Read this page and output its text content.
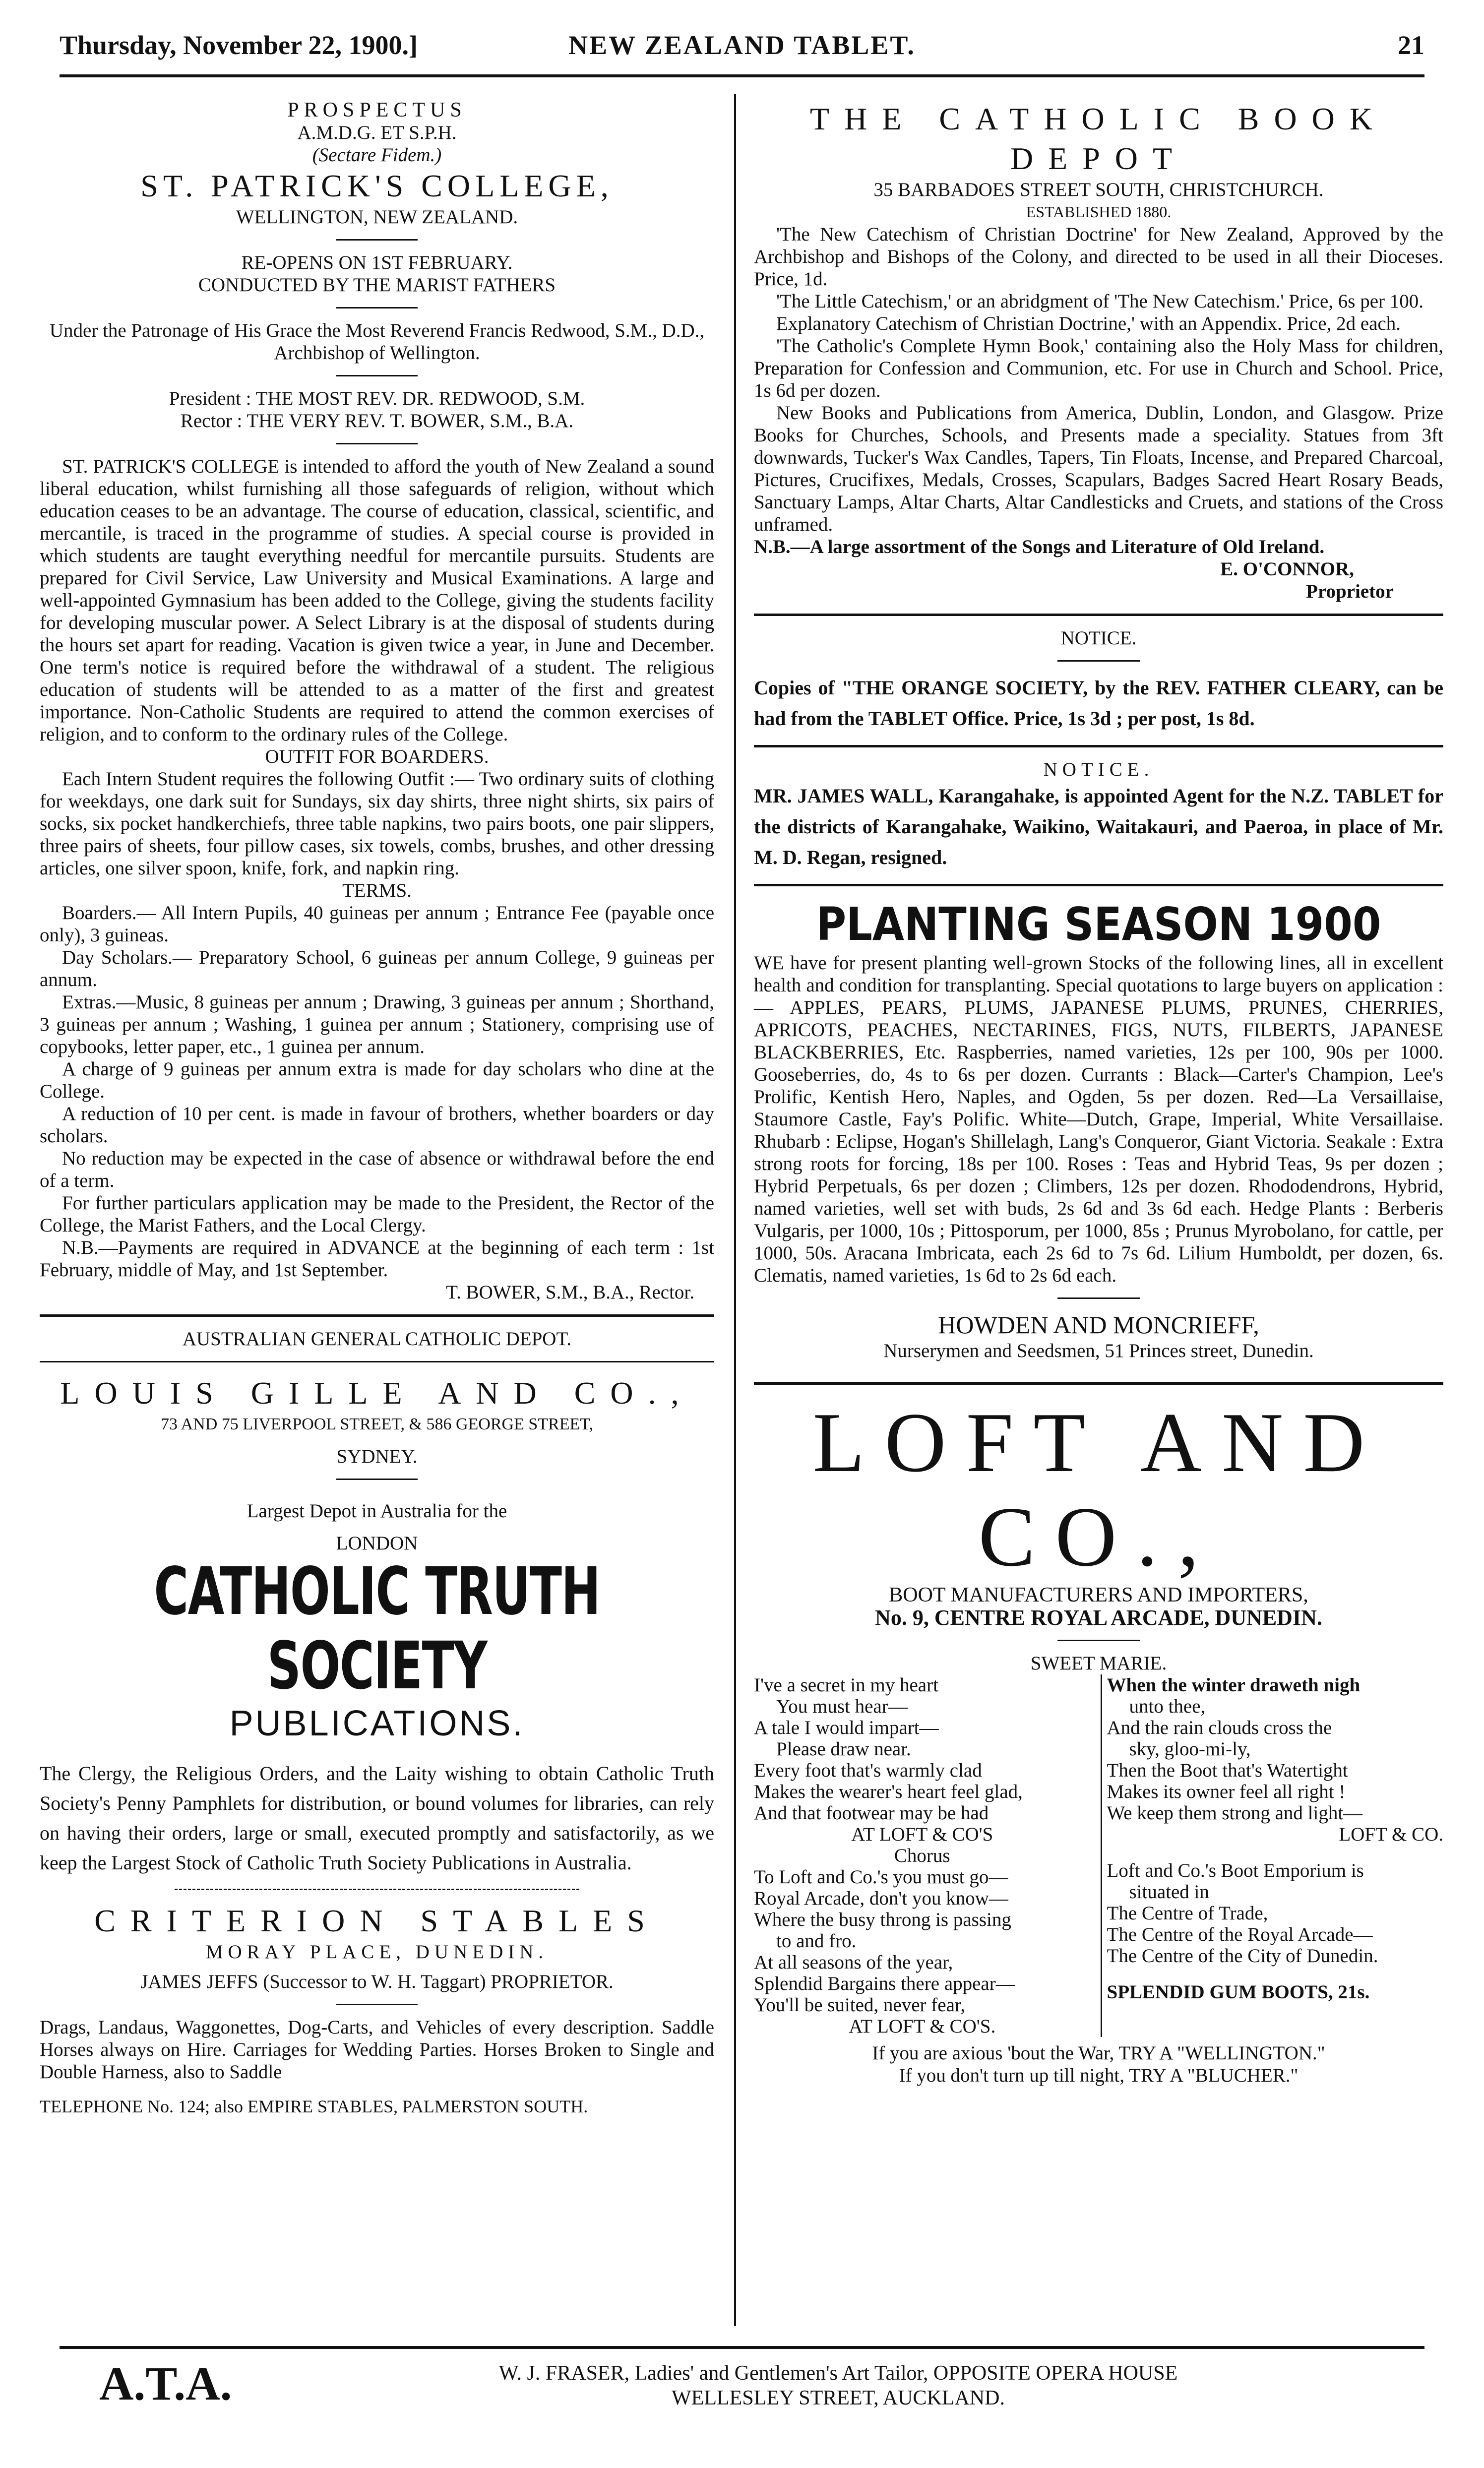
Thursday, November 22, 1900.]	NEW ZEALAND TABLET.	21

PROSPECTUS

A.M.D.G. ET S.P.H.

(Sectare Fidem.)

ST. PATRICK'S COLLEGE,

WELLINGTON, NEW ZEALAND.

RE-OPENS ON 1ST FEBRUARY.

CONDUCTED BY THE MARIST FATHERS

Under the Patronage of His Grace the Most Reverend Francis Redwood, S.M., D.D., Archbishop of Wellington.

President : THE MOST REV. DR. REDWOOD, S.M.

Rector : THE VERY REV. T. BOWER, S.M., B.A.

ST. PATRICK'S COLLEGE is intended to afford the youth of New Zealand a sound liberal education, whilst furnishing all those safeguards of religion, without which education ceases to be an advantage. The course of education, classical, scientific, and mercantile, is traced in the programme of studies. A special course is provided in which students are taught everything needful for mercantile pursuits. Students are prepared for Civil Service, Law University and Musical Examinations. A large and well-appointed Gymnasium has been added to the College, giving the students facility for developing muscular power. A Select Library is at the disposal of students during the hours set apart for reading. Vacation is given twice a year, in June and December. One term's notice is required before the withdrawal of a student. The religious education of students will be attended to as a matter of the first and greatest importance. Non-Catholic Students are required to attend the common exercises of religion, and to conform to the ordinary rules of the College.

OUTFIT FOR BOARDERS.

Each Intern Student requires the following Outfit :— Two ordinary suits of clothing for weekdays, one dark suit for Sundays, six day shirts, three night shirts, six pairs of socks, six pocket handkerchiefs, three table napkins, two pairs boots, one pair slippers, three pairs of sheets, four pillow cases, six towels, combs, brushes, and other dressing articles, one silver spoon, knife, fork, and napkin ring.

TERMS.

Boarders.— All Intern Pupils, 40 guineas per annum ; Entrance Fee (payable once only), 3 guineas.

Day Scholars.— Preparatory School, 6 guineas per annum College, 9 guineas per annum.

Extras.—Music, 8 guineas per annum ; Drawing, 3 guineas per annum ; Shorthand, 3 guineas per annum ; Washing, 1 guinea per annum ; Stationery, comprising use of copybooks, letter paper, etc., 1 guinea per annum.

A charge of 9 guineas per annum extra is made for day scholars who dine at the College.

A reduction of 10 per cent. is made in favour of brothers, whether boarders or day scholars.

No reduction may be expected in the case of absence or withdrawal before the end of a term.

For further particulars application may be made to the President, the Rector of the College, the Marist Fathers, and the Local Clergy.

N.B.—Payments are required in ADVANCE at the beginning of each term : 1st February, middle of May, and 1st September.

T. BOWER, S.M., B.A., Rector.

AUSTRALIAN GENERAL CATHOLIC DEPOT.

LOUIS GILLE AND CO.,

73 AND 75 LIVERPOOL STREET, & 586 GEORGE STREET,

SYDNEY.

Largest Depot in Australia for the

LONDON

CATHOLIC TRUTH SOCIETY
PUBLICATIONS.

The Clergy, the Religious Orders, and the Laity wishing to obtain Catholic Truth Society's Penny Pamphlets for distribution, or bound volumes for libraries, can rely on having their orders, large or small, executed promptly and satisfactorily, as we keep the Largest Stock of Catholic Truth Society Publications in Australia.

CRITERION STABLES

MORAY PLACE, DUNEDIN.

JAMES JEFFS (Successor to W. H. Taggart) PROPRIETOR.

Drags, Landaus, Waggonettes, Dog-Carts, and Vehicles of every description. Saddle Horses always on Hire. Carriages for Wedding Parties. Horses Broken to Single and Double Harness, also to Saddle

TELEPHONE No. 124; also EMPIRE STABLES, PALMERSTON SOUTH.

THE CATHOLIC BOOK DEPOT

35 BARBADOES STREET SOUTH, CHRISTCHURCH.

ESTABLISHED 1880.

'The New Catechism of Christian Doctrine' for New Zealand, Approved by the Archbishop and Bishops of the Colony, and directed to be used in all their Dioceses. Price, 1d.

'The Little Catechism,' or an abridgment of 'The New Catechism.' Price, 6s per 100.

Explanatory Catechism of Christian Doctrine,' with an Appendix. Price, 2d each.

'The Catholic's Complete Hymn Book,' containing also the Holy Mass for children, Preparation for Confession and Communion, etc. For use in Church and School. Price, 1s 6d per dozen.

New Books and Publications from America, Dublin, London, and Glasgow. Prize Books for Churches, Schools, and Presents made a speciality. Statues from 3ft downwards, Tucker's Wax Candles, Tapers, Tin Floats, Incense, and Prepared Charcoal, Pictures, Crucifixes, Medals, Crosses, Scapulars, Badges Sacred Heart Rosary Beads, Sanctuary Lamps, Altar Charts, Altar Candlesticks and Cruets, and stations of the Cross unframed.

N.B.—A large assortment of the Songs and Literature of Old Ireland.

E. O'CONNOR,

Proprietor

NOTICE.

Copies of "THE ORANGE SOCIETY, by the REV. FATHER CLEARY, can be had from the TABLET Office. Price, 1s 3d ; per post, 1s 8d.

NOTICE.

MR. JAMES WALL, Karangahake, is appointed Agent for the N.Z. TABLET for the districts of Karangahake, Waikino, Waitakauri, and Paeroa, in place of Mr. M. D. Regan, resigned.

PLANTING SEASON 1900

WE have for present planting well-grown Stocks of the following lines, all in excellent health and condition for transplanting. Special quotations to large buyers on application :— APPLES, PEARS, PLUMS, JAPANESE PLUMS, PRUNES, CHERRIES, APRICOTS, PEACHES, NECTARINES, FIGS, NUTS, FILBERTS, JAPANESE BLACKBERRIES, Etc. Raspberries, named varieties, 12s per 100, 90s per 1000. Gooseberries, do, 4s to 6s per dozen. Currants : Black—Carter's Champion, Lee's Prolific, Kentish Hero, Naples, and Ogden, 5s per dozen. Red—La Versaillaise, Staumore Castle, Fay's Polific. White—Dutch, Grape, Imperial, White Versaillaise. Rhubarb : Eclipse, Hogan's Shillelagh, Lang's Conqueror, Giant Victoria. Seakale : Extra strong roots for forcing, 18s per 100. Roses : Teas and Hybrid Teas, 9s per dozen ; Hybrid Perpetuals, 6s per dozen ; Climbers, 12s per dozen. Rhododendrons, Hybrid, named varieties, well set with buds, 2s 6d and 3s 6d each. Hedge Plants : Berberis Vulgaris, per 1000, 10s ; Pittosporum, per 1000, 85s ; Prunus Myrobolano, for cattle, per 1000, 50s. Aracana Imbricata, each 2s 6d to 7s 6d. Lilium Humboldt, per dozen, 6s. Clematis, named varieties, 1s 6d to 2s 6d each.

HOWDEN AND MONCRIEFF,

Nurserymen and Seedsmen, 51 Princes street, Dunedin.

LOFT AND CO.,

BOOT MANUFACTURERS AND IMPORTERS,

No. 9, CENTRE ROYAL ARCADE, DUNEDIN.

SWEET MARIE.

I've a secret in my heart

You must hear—

A tale I would impart—

Please draw near.

Every foot that's warmly clad

Makes the wearer's heart feel glad,

And that footwear may be had

AT LOFT & CO'S

Chorus

To Loft and Co.'s you must go—

Royal Arcade, don't you know—

Where the busy throng is passing

to and fro.

At all seasons of the year,

Splendid Bargains there appear—

You'll be suited, never fear,

AT LOFT & CO'S.

When the winter draweth nigh

unto thee,

And the rain clouds cross the

sky, gloo-mi-ly,

Then the Boot that's Watertight

Makes its owner feel all right !

We keep them strong and light—

LOFT & CO.

Loft and Co.'s Boot Emporium is

situated in

The Centre of Trade,

The Centre of the Royal Arcade—

The Centre of the City of Dunedin.

SPLENDID GUM BOOTS, 21s.

If you are axious 'bout the War, TRY A "WELLINGTON."

If you don't turn up till night, TRY A "BLUCHER."

A.T.A.	W. J. FRASER, Ladies' and Gentlemen's Art Tailor, OPPOSITE OPERA HOUSE
WELLESLEY STREET, AUCKLAND.
